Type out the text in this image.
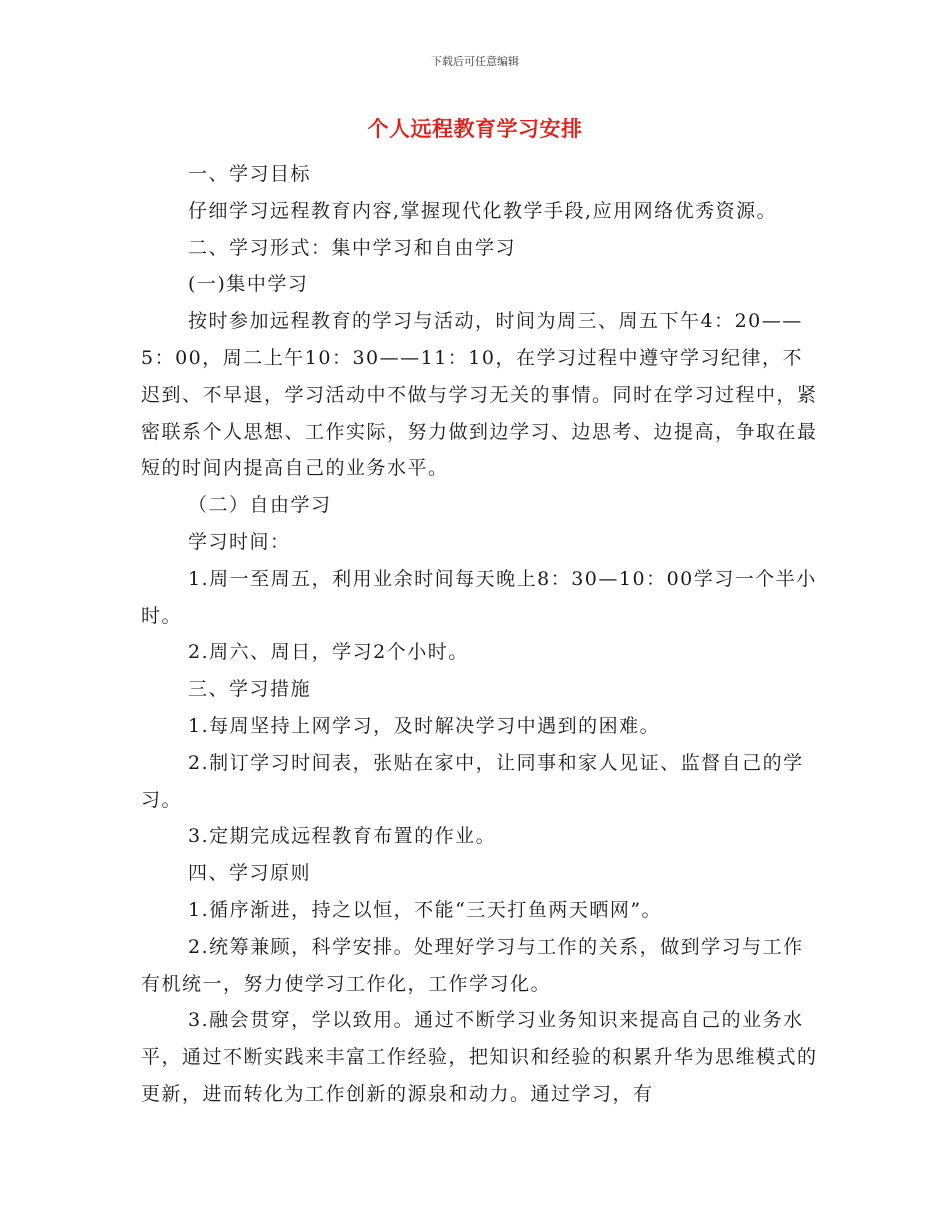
下载后可任意编辑
个人远程教育学习安排

一、学习目标

仔细学习远程教育内容,掌握现代化教学手段,应用网络优秀资源。

二、学习形式：集中学习和自由学习

(一)集中学习

按时参加远程教育的学习与活动，时间为周三、周五下午4：20——5：00，周二上午10：30——11：10，在学习过程中遵守学习纪律，不迟到、不早退，学习活动中不做与学习无关的事情。同时在学习过程中，紧密联系个人思想、工作实际，努力做到边学习、边思考、边提高，争取在最短的时间内提高自己的业务水平。

（二）自由学习

学习时间：

1.周一至周五，利用业余时间每天晚上8：30—10：00学习一个半小时。

2.周六、周日，学习2个小时。

三、学习措施

1.每周坚持上网学习，及时解决学习中遇到的困难。

2.制订学习时间表，张贴在家中，让同事和家人见证、监督自己的学习。

3.定期完成远程教育布置的作业。

四、学习原则

1.循序渐进，持之以恒，不能“三天打鱼两天晒网”。

2.统筹兼顾，科学安排。处理好学习与工作的关系，做到学习与工作有机统一，努力使学习工作化，工作学习化。

3.融会贯穿，学以致用。通过不断学习业务知识来提高自己的业务水平，通过不断实践来丰富工作经验，把知识和经验的积累升华为思维模式的更新，进而转化为工作创新的源泉和动力。通过学习，有
